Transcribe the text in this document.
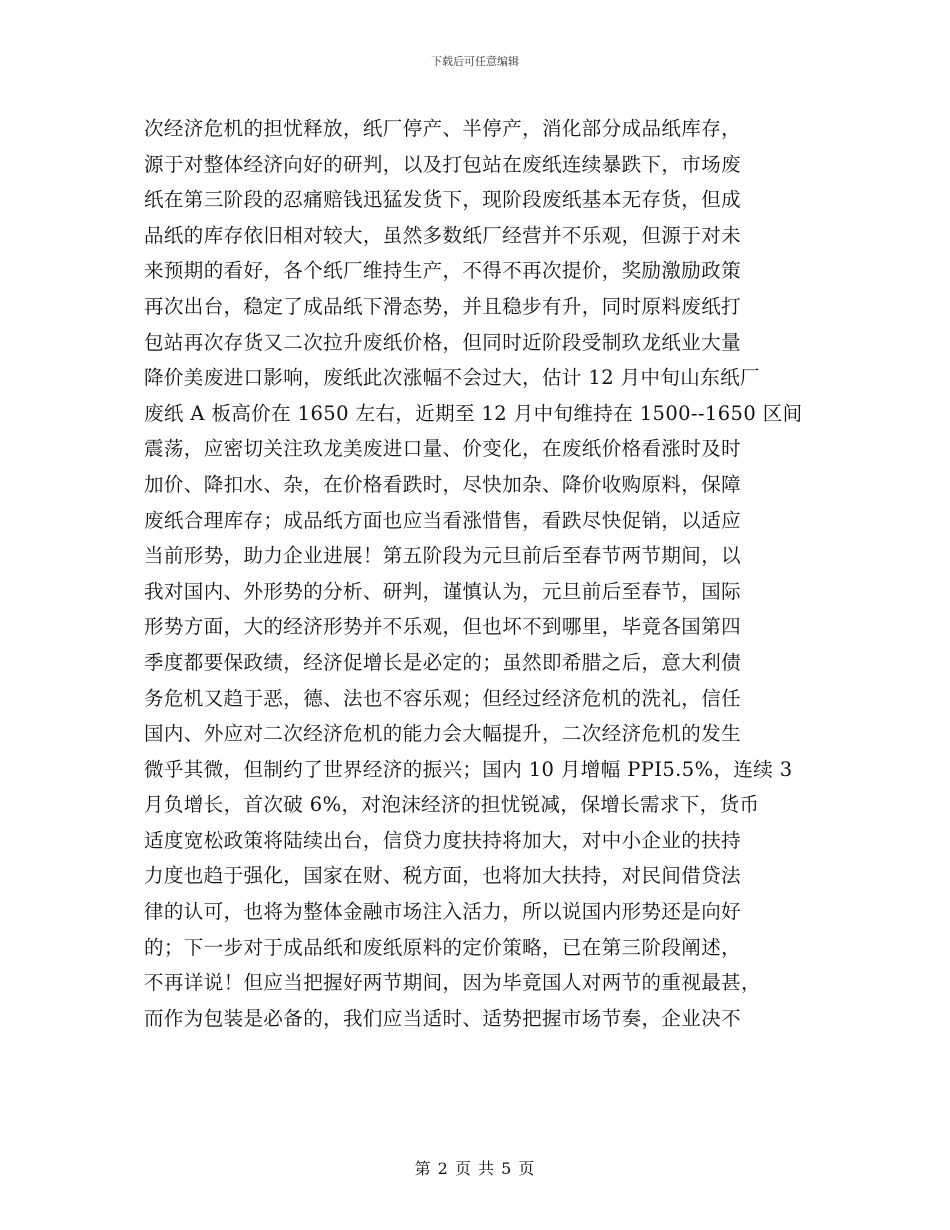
下载后可任意编辑
次经济危机的担忧释放，纸厂停产、半停产，消化部分成品纸库存，
源于对整体经济向好的研判，以及打包站在废纸连续暴跌下，市场废
纸在第三阶段的忍痛赔钱迅猛发货下，现阶段废纸基本无存货，但成
品纸的库存依旧相对较大，虽然多数纸厂经营并不乐观，但源于对未
来预期的看好，各个纸厂维持生产，不得不再次提价，奖励激励政策
再次出台，稳定了成品纸下滑态势，并且稳步有升，同时原料废纸打
包站再次存货又二次拉升废纸价格，但同时近阶段受制玖龙纸业大量
降价美废进口影响，废纸此次涨幅不会过大，估计 12 月中旬山东纸厂
废纸 A 板高价在 1650 左右，近期至 12 月中旬维持在 1500--1650 区间
震荡，应密切关注玖龙美废进口量、价变化，在废纸价格看涨时及时
加价、降扣水、杂，在价格看跌时，尽快加杂、降价收购原料，保障
废纸合理库存；成品纸方面也应当看涨惜售，看跌尽快促销，以适应
当前形势，助力企业进展！第五阶段为元旦前后至春节两节期间，以
我对国内、外形势的分析、研判，谨慎认为，元旦前后至春节，国际
形势方面，大的经济形势并不乐观，但也坏不到哪里，毕竟各国第四
季度都要保政绩，经济促增长是必定的；虽然即希腊之后，意大利债
务危机又趋于恶，德、法也不容乐观；但经过经济危机的洗礼，信任
国内、外应对二次经济危机的能力会大幅提升，二次经济危机的发生
微乎其微，但制约了世界经济的振兴；国内 10 月增幅 PPI5.5%，连续 3
月负增长，首次破 6%，对泡沫经济的担忧锐减，保增长需求下，货币
适度宽松政策将陆续出台，信贷力度扶持将加大，对中小企业的扶持
力度也趋于强化，国家在财、税方面，也将加大扶持，对民间借贷法
律的认可，也将为整体金融市场注入活力，所以说国内形势还是向好
的；下一步对于成品纸和废纸原料的定价策略，已在第三阶段阐述，
不再详说！但应当把握好两节期间，因为毕竟国人对两节的重视最甚，
而作为包装是必备的，我们应当适时、适势把握市场节奏，企业决不
第 2 页 共 5 页
